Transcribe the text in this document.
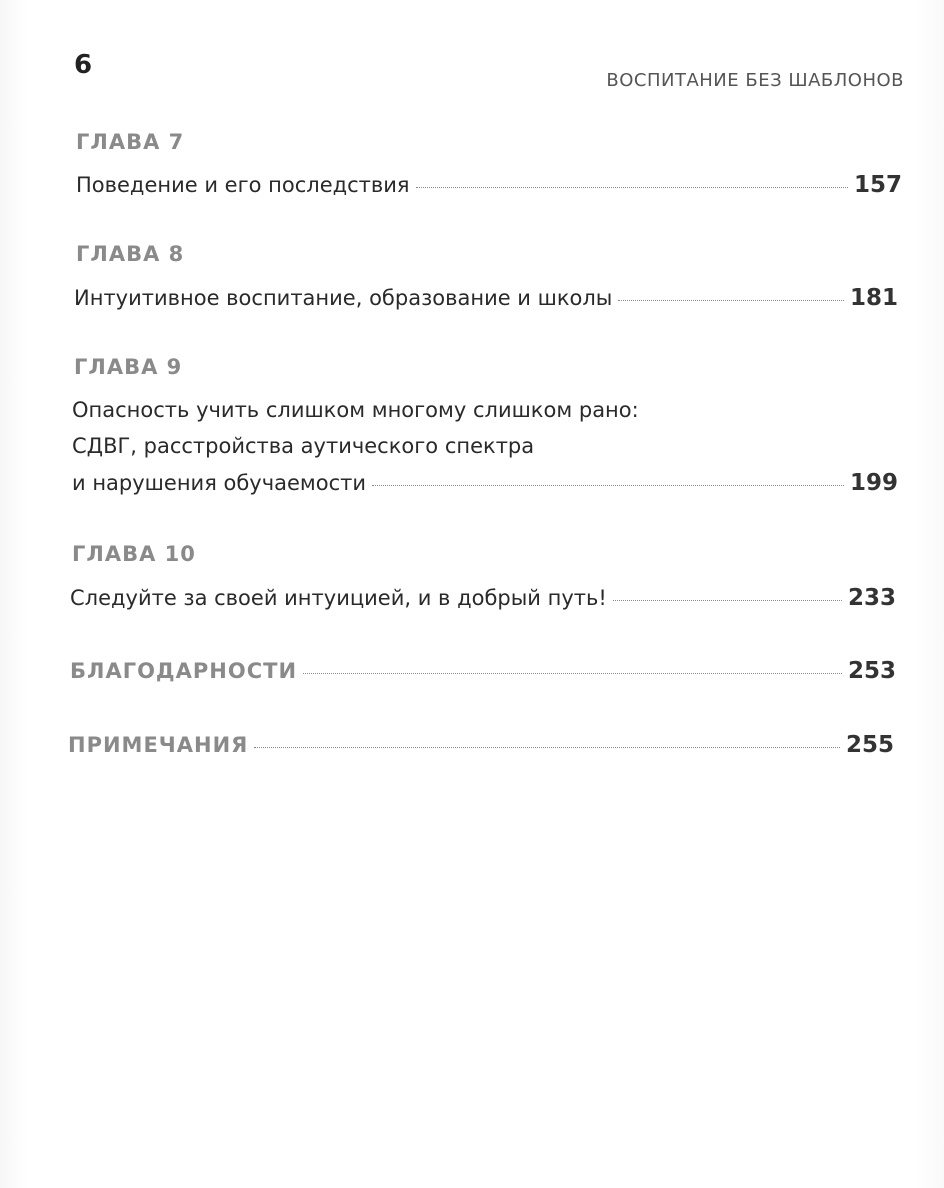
6

ВОСПИТАНИЕ БЕЗ ШАБЛОНОВ

ГЛАВА 7

Поведение и его последствия	157

ГЛАВА 8

Интуитивное воспитание, образование и школы	181

ГЛАВА 9

Опасность учить слишком многому слишком рано:
СДВГ, расстройства аутического спектра
и нарушения обучаемости	199

ГЛАВА 10

Следуйте за своей интуицией, и в добрый путь!	233
БЛАГОДАРНОСТИ	253
ПРИМЕЧАНИЯ	255
